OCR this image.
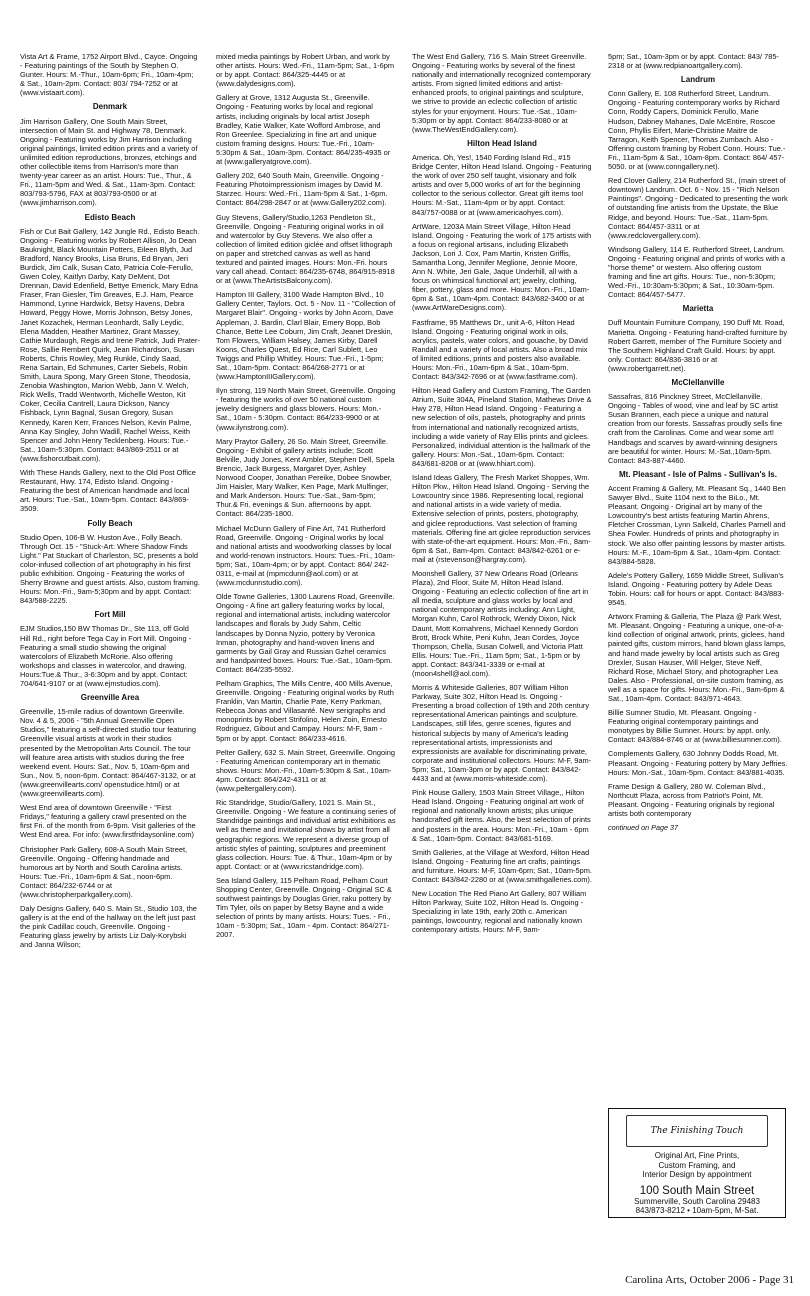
Vista Art & Frame, 1752 Airport Blvd., Cayce. Ongoing - Featuring paintings of the South by Stephen O. Gunter. Hours: M.-Thur., 10am-6pm; Fri., 10am-4pm; & Sat., 10am-2pm. Contact: 803/ 794-7252 or at (www.vistaart.com).

Denmark

Jim Harrison Gallery, One South Main Street, intersection of Main St. and Highway 78, Denmark. Ongoing - Featuring works by Jim Harrison including original paintings, limited edition prints and a variety of unlimited edition reproductions, bronzes, etchings and other collectible items from Harrison's more than twenty-year career as an artist. Hours: Tue., Thur., & Fri., 11am-5pm and Wed. & Sat., 11am-3pm. Contact: 803/793-5796, FAX at 803/793-0500 or at (www.jimharrison.com).

Edisto Beach

Fish or Cut Bait Gallery, 142 Jungle Rd., Edisto Beach. Ongoing - Featuring works by Robert Allison, Jo Dean Bauknight, Black Mountain Potters, Eileen Blyth, Jud Bradford, Nancy Brooks, Lisa Bruns, Ed Bryan, Jeri Burdick, Jim Calk, Susan Cato, Patricia Cole-Ferullo, Gwen Coley, Kaitlyn Darby, Katy DeMent, Dot Drennan, David Edenfield, Bettye Emerick, Mary Edna Fraser, Fran Giesler, Tim Greaves, E.J. Ham, Pearce Hammond, Lynne Hardwick, Betsy Havens, Debra Howard, Peggy Howe, Morris Johnson, Betsy Jones, Janet Kozachek, Herman Leonhardt, Sally Leydic, Elena Madden, Heather Martinez, Grant Massey, Cathie Murdaugh, Regis and Irene Patrick, Judi Prater-Rose, Sallie Rembert Quirk, Jean Richardson, Susan Roberts, Chris Rowley, Meg Runkle, Cindy Saad, Rena Sartain, Ed Schmunes, Carter Siebels, Robin Smith, Laura Spong, Mary Green Stone, Theodosia, Zenobia Washington, Marion Webb, Jann V. Welch, Rick Wells, Tradd Wentworth, Michelle Weston, Kit Coker, Cecilia Cantrell, Laura Dickson, Nancy Fishback, Lynn Bagnal, Susan Gregory, Susan Kennedy, Karen Kerr, Frances Nelson, Kevin Palme, Anna Kay Singley, John Wadill, Rachel Weiss, Keith Spencer and John Henry Tecklenberg. Hours: Tue.-Sat., 10am-5:30pm. Contact: 843/869-2511 or at (www.fishorcutbait.com).

With These Hands Gallery, next to the Old Post Office Restaurant, Hwy. 174, Edisto Island. Ongoing - Featuring the best of American handmade and local art. Hours: Tue.-Sat., 10am-5pm. Contact: 843/869-3509.

Folly Beach

Studio Open, 106-B W. Huston Ave., Folly Beach. Through Oct. 15 - "Stuck-Art: Where Shadow Finds Light." Pat Stuckart of Charleston, SC, presents a bold color-infused collection of art photography in his first public exhibition. Ongoing - Featuring the works of Sherry Browne and guest artists. Also, custom framing. Hours: Mon.-Fri., 9am-5;30pm and by appt. Contact: 843/588-2225.

Fort Mill

EJM Studios,150 BW Thomas Dr., Ste 113, off Gold Hill Rd., right before Tega Cay in Fort Mill. Ongoing - Featuring a small studio showing the original watercolors of Elizabeth McRorie. Also offering workshops and classes in watercolor, and drawing. Hours:Tue.& Thur., 3-6:30pm and by appt. Contact: 704/641-9107 or at (www.ejmstudios.com).

Greenville Area

Greenville, 15-mile radius of downtown Greenville. Nov. 4 & 5, 2006 - "5th Annual Greenville Open Studios," featuring a self-directed studio tour featuring Greenville visual artists at work in their studios presented by the Metropolitan Arts Council. The tour will feature area artists with studios during the free weekend event. Hours: Sat., Nov. 5, 10am-6pm and Sun., Nov. 5, noon-6pm. Contact: 864/467-3132, or at (www.greenvillearts.com/ openstudice.html) or at (www.greenvillearts.com).

West End area of downtown Greenville - "First Fridays," featuring a gallery crawl presented on the first Fri. of the month from 6-9pm. Visit galleries of the West End area. For info: (www.firstfridaysonline.com)

Christopher Park Gallery, 608-A South Main Street, Greenville. Ongoing - Offering handmade and humorous art by North and South Carolina artists. Hours: Tue.-Fri., 10am-6pm & Sat., noon-6pm. Contact: 864/232-6744 or at (www.christopherparkgallery.com).

Daly Designs Gallery, 640 S. Main St., Studio 103, the gallery is at the end of the hallway on the left just past the pink Cadillac couch, Greenville. Ongoing - Featuring glass jewelry by artists Liz Daly-Korybski and Janna Wilson;

mixed media paintings by Robert Urban, and work by other artists. Hours: Wed.-Fri., 11am-5pm; Sat., 1-6pm or by appt. Contact: 864/325-4445 or at (www.dalydesigns.com).

Gallery at Grove, 1312 Augusta St., Greenville. Ongoing - Featuring works by local and regional artists, including originals by local artist Joseph Bradley, Katie Walker, Kate Wofford Ambrose, and Ron Greenlee. Specializing in fine art and unique custom framing designs. Hours: Tue.-Fri., 10am-5:30pm & Sat., 10am-3pm. Contact: 864/235-4935 or at (www.galleryatgrove.com).

Gallery 202, 640 South Main, Greenville. Ongoing - Featuring Photoimpressionism images by David M. Starzec. Hours: Wed.-Fri., 11am-5pm & Sat., 1-6pm. Contact: 864/298-2847 or at (www.Gallery202.com).

Guy Stevens, Gallery/Studio,1263 Pendleton St., Greenville. Ongoing - Featuring original works in oil and watercolor by Guy Stevens. We also offer a collection of limited edition giclée and offset lithograph on paper and stretched canvas as well as hand textured and painted images. Hours: Mon.-Fri. hours vary call ahead. Contact: 864/235-6748, 864/915-8918 or at (www.TheArtistsBalcony.com).

Hampton III Gallery, 3100 Wade Hampton Blvd., 10 Gallery Center, Taylors. Oct. 5 - Nov. 11 - "Collection of Margaret Blair". Ongoing - works by John Acorn, Dave Appleman, J. Bardin, Clarl Blair, Emery Bopp, Bob Chance, Bette Lee Coburn, Jim Craft, Jeanet Dreskin, Tom Flowers, William Halsey, James Kirby, Darell Koons, Charles Quest, Ed Rice, Carl Sublett, Leo Twiggs and Phillip Whitley. Hours: Tue.-Fri., 1-5pm; Sat., 10am-5pm. Contact: 864/268-2771 or at (www.HamptonIIIGallery.com).

Ilyn strong, 119 North Main Street, Greenville. Ongoing - featuring the works of over 50 national custom jewelry designers and glass blowers. Hours: Mon.-Sat., 10am - 5:30pm. Contact: 864/233-9900 or at (www.ilynstrong.com).

Mary Praytor Gallery, 26 So. Main Street, Greenville. Ongoing - Exhibit of gallery artists include; Scott Belville, Judy Jones, Kent Ambler, Stephen Dell, Spela Brencic, Jack Burgess, Margaret Dyer, Ashley Norwood Cooper, Jonathan Pereike, Dobee Snowber, Jim Haisler, Mary Walker, Ken Page, Mark Mulfinger, and Mark Anderson. Hours: Tue.-Sat., 9am-5pm; Thur.& Fri. evenings & Sun. afternoons by appt. Contact: 864/235-1800.

Michael McDunn Gallery of Fine Art, 741 Rutherford Road, Greenville. Ongoing - Original works by local and national artists and woodworking classes by local and world-renown instructors. Hours: Tues.-Fri., 10am-5pm; Sat., 10am-4pm; or by appt. Contact: 864/ 242-0311, e-mail at (mpmcdunn@aol.com) or at (www.mcdunnstudio.com).

Olde Towne Galleries, 1300 Laurens Road, Greenville. Ongoing - A fine art gallery featuring works by local, regional and international artists, including watercolor landscapes and florals by Judy Sahm, Celtic landscapes by Donna Nyzio, pottery by Veronica Inman, photography and hand-woven linens and garments by Gail Gray and Russian Gzhel ceramics and handpainted boxes. Hours: Tue.-Sat., 10am-5pm. Contact: 864/235-5592.

Pelham Graphics, The Mills Centre, 400 Mills Avenue, Greenville. Ongoing - Featuring original works by Ruth Franklin, Van Martin, Charlie Pate, Kerry Parkman, Rebecca Jonas and Villasanté. New serigraphs and monoprints by Robert Strifolino, Helen Zoin, Ernesto Rodriguez, Gibout and Campay. Hours: M-F, 9am - 5pm or by appt. Contact: 864/233-4616.

Pelter Gallery, 632 S. Main Street, Greenville. Ongoing - Featuring American contemporary art in thematic shows. Hours: Mon.-Fri., 10am-5:30pm & Sat., 10am-4pm. Contact: 864/242-4311 or at (www.peltergallery.com).

Ric Standridge, Studio/Gallery, 1021 S. Main St., Greenville. Ongoing - We feature a continuing series of Standridge paintings and individual artist exhibitions as well as theme and invitational shows by artist from all geographic regions. We represent a diverse group of artistic styles of painting, sculptures and preeminent glass collection. Hours: Tue. & Thur., 10am-4pm or by appt. Contact: or at (www.ricstandridge.com).

Sea Island Gallery, 115 Pelham Road, Pelham Court Shopping Center, Greenville. Ongoing - Original SC & southwest paintings by Douglas Grier, raku pottery by Tim Tyler, oils on paper by Betsy Bayne and a wide selection of prints by many artists. Hours: Tues. - Fri., 10am - 5:30pm; Sat., 10am - 4pm. Contact: 864/271-2007.

The West End Gallery, 716 S. Main Street Greenville. Ongoing - Featuring works by several of the finest nationally and internationally recognized contemporary artists. From signed limited editions and artist-enhanced proofs, to original paintings and sculpture, we strive to provide an eclectic collection of artistic styles for your enjoyment. Hours: Tue.-Sat., 10am-5:30pm or by appt. Contact: 864/233-8080 or at (www.TheWestEndGallery.com).

Hilton Head Island

America. Oh, Yes!, 1540 Fording Island Rd., #15 Bridge Center, Hilton Head Island. Ongoing - Featuring the work of over 250 self taught, visionary and folk artists and over 5,000 works of art for the beginning collector to the serious collector. Great gift items too! Hours: M.-Sat., 11am-4pm or by appt. Contact: 843/757-0088 or at (www.americaohyes.com).

ArtWare, 1203A Main Street Village, Hilton Head Island. Ongoing - Featuring the work of 175 artists with a focus on regional artisans, including Elizabeth Jackson, Lori J. Cox, Pam Martin, Kristen Griffis, Samantha Long, Jennifer Meglione, Jennie Moore, Ann N. White, Jeri Gale, Jaque Underhill, all with a focus on whimsical functional art; jewelry, clothing, fiber, pottery, glass and more. Hours: Mon.-Fri., 10am-6pm & Sat., 10am-4pm. Contact: 843/682-3400 or at (www.ArtWareDesigns.com).

Fastframe, 95 Matthews Dr., unit A-6, Hilton Head Island. Ongoing - Featuring original work in oils, acrylics, pastels, water colors, and gouache, by David Randall and a variety of local artists. Also a broad mix of limited editions, prints and posters also available. Hours: Mon.-Fri., 10am-6pm & Sat., 10am-5pm. Contact: 843/342-7696 or at (www.fastframe.com).

Hilton Head Gallery and Custom Framing, The Garden Atrium, Suite 304A, Pineland Station, Mathews Drive & Hwy 278, Hilton Head Island. Ongoing - Featuring a new selection of oils, pastels, photography and prints from international and nationally recognized artists, including a wide variety of Ray Ellis prints and giclees. Personalized, individual attention is the hallmark of the gallery. Hours: Mon.-Sat., 10am-6pm. Contact: 843/681-8208 or at (www.hhiart.com).

Island Ideas Gallery, The Fresh Market Shoppes, Wm. Hilton Pkw., Hilton Head Island. Ongoing - Serving the Lowcountry since 1986. Representing local, regional and national artists in a wide variety of media. Extensive selection of prints, posters, photography, and giclee reproductions. Vast selection of framing materials. Offering fine art giclee reproduction services with state-of-the-art equipment. Hours: Mon.-Fri., 8am-6pm & Sat., 8am-4pm. Contact: 843/842-6261 or e-mail at (rstevenson@hargray.com).

Moonshell Gallery, 37 New Orleans Road (Orleans Plaza), 2nd Floor, Suite M, Hilton Head Island. Ongoing - Featuring an eclectic collection of fine art in all media, sculpture and glass works by local and national contemporary artists including: Ann Light, Morgan Kuhn, Carol Rothrock, Wendy Dixon, Nick Daunt, Mott Kornahrens, Michael Kennedy Gordon Brott, Brock White, Peni Kuhn, Jean Cordes, Joyce Thompson, Chella, Susan Colwell, and Victoria Platt Ellis. Hours: Tue.-Fri., 11am 5pm; Sat., 1-5pm or by appt. Contact: 843/341-3339 or e-mail at (moon4shell@aol.com).

Morris & Whiteside Galleries, 807 William Hilton Parkway, Suite 302, Hilton Head Is. Ongoing - Presenting a broad collection of 19th and 20th century representational American paintings and sculpture. Landscapes, still lifes, genre scenes, figures and historical subjects by many of America's leading representational artists, impressionists and expressionists are available for discriminating private, corporate and institutional collectors. Hours: M-F, 9am-5pm; Sat., 10am-3pm or by appt. Contact: 843/842-4433 and at (www.morris-whiteside.com).

Pink House Gallery, 1503 Main Street Village,, Hilton Head Island. Ongoing - Featuring original art work of regional and nationally known artists; plus unique handcrafted gift items. Also, the best selection of prints and posters in the area. Hours: Mon.-Fri., 10am - 6pm & Sat., 10am-5pm. Contact: 843/681-5169.

Smith Galleries, at the Village at Wexford, Hilton Head Island. Ongoing - Featuring fine art crafts, paintings and furniture. Hours: M-F, 10am-6pm; Sat., 10am-5pm. Contact: 843/842-2280 or at (www.smithgalleries.com).

New Location The Red Piano Art Gallery, 807 William Hilton Parkway, Suite 102, Hilton Head Is. Ongoing - Specializing in late 19th, early 20th c. American paintings, lowcountry, regional and nationally known contemporary artists. Hours: M-F, 9am-

5pm; Sat., 10am-3pm or by appt. Contact: 843/ 785-2318 or at (www.redpianoartgallery.com).

Landrum

Conn Gallery, E. 108 Rutherford Street, Landrum. Ongoing - Featuring contemporary works by Richard Conn, Roddy Capers, Dominick Ferullo, Marie Hudson, Dabney Mahanes, Dale McEntire, Roscoe Conn, Phyllis Eifert, Marie-Christine Maitre de Tarragon, Keith Spencer, Thomas Zumbach. Also - Offering custom framing by Robert Conn. Hours: Tue.-Fri., 11am-5pm & Sat., 10am-8pm. Contact: 864/ 457-5050. or at (www.conngallery.net).

Red Clover Gallery, 214 Rutherford St., (main street of downtown) Landrum. Oct. 6 - Nov. 15 - "Rich Nelson Paintings". Ongoing - Dedicated to presenting the work of outstanding fine artists from the Upstate, the Blue Ridge, and beyond. Hours: Tue.-Sat., 11am-5pm. Contact: 864/457-3311 or at (www.redclovergallery.com).

Windsong Gallery, 114 E. Rutherford Street, Landrum. Ongoing - Featuring original and prints of works with a "horse theme" or western. Also offering custom framing and fine art gifts. Hours: Tue., non-5:30pm; Wed.-Fri., 10:30am-5:30pm; & Sat., 10:30am-5pm. Contact: 864/457-5477.

Marietta

Duff Mountain Furniture Company, 190 Duff Mt. Road, Marietta. Ongoing - Featuring hand-crafted furniture by Robert Garrett, member of The Furniture Society and The Southern Highland Craft Guild. Hours: by appt. only. Contact: 864/836-3816 or at (www.robertgarrett.net).

McClellanville

Sassafras, 816 Pinckney Street, McClellanville. Ongoing - Tables of wood, vine and leaf by SC artist Susan Brannen, each piece a unique and natural creation from our forests. Sassafras proudly sells fine craft from the Carolinas. Come and wear some art! Handbags and scarves by award-winning designers are beautiful for winter. Hours: M.-Sat.,10am-5pm. Contact: 843-887-4460.

Mt. Pleasant - Isle of Palms - Sullivan's Is.

Accent Framing & Gallery, Mt. Pleasant Sq., 1440 Ben Sawyer Blvd., Suite 1104 next to the BiLo., Mt. Pleasant. Ongoing - Original art by many of the Lowcountry's best artists featuring Martin Ahrens, Fletcher Crossman, Lynn Salkeld, Charles Parnell and Shea Fowler. Hundreds of prints and photography in stock. We also offer painting lessons by master artists. Hours: M.-F., 10am-6pm & Sat., 10am-4pm. Contact: 843/884-5828.

Adele's Pottery Gallery, 1659 Middle Street, Sullivan's Island. Ongoing - Featuring pottery by Adele Deas Tobin. Hours: call for hours or appt. Contact: 843/883-9545.

Artworx Framing & Galleria, The Plaza @ Park West, Mt. Pleasant. Ongoing - Featuring a unique, one-of-a-kind collection of original artwork, prints, giclees, hand painted gifts, custom mirrors, hand blown glass lamps, and hand made jewelry by local artists such as Greg Drexler, Susan Hauser, Will Helger, Steve Neff, Richard Rose, Michael Story, and photographer Lea Dales. Also - Professional, on-site custom framing, as well as a space for gifts. Hours: Mon.-Fri., 9am-6pm & Sat., 10am-4pm. Contact: 843/971-4643.

Billie Sumner Studio, Mt. Pleasant. Ongoing - Featuring original contemporary paintings and monotypes by Billie Sumner. Hours: by appt. only. Contact: 843/884-8746 or at (www.billiesumner.com).

Complements Gallery, 630 Johnny Dodds Road, Mt. Pleasant. Ongoing - Featuring pottery by Mary Jeffries. Hours: Mon.-Sat., 10am-5pm. Contact: 843/881-4035.

Frame Design & Gallery, 280 W. Coleman Blvd., Northcutt Plaza, across from Patriot's Point, Mt. Pleasant. Ongoing - Featuring originals by regional artists both contemporary

continued on Page 37

The Finishing Touch
Original Art, Fine Prints,
Custom Framing, and
Interior Design by appointment
100 South Main Street
Summerville, South Carolina 29483
843/873-8212 • 10am-5pm, M-Sat.
Carolina Arts, October 2006 - Page 31
